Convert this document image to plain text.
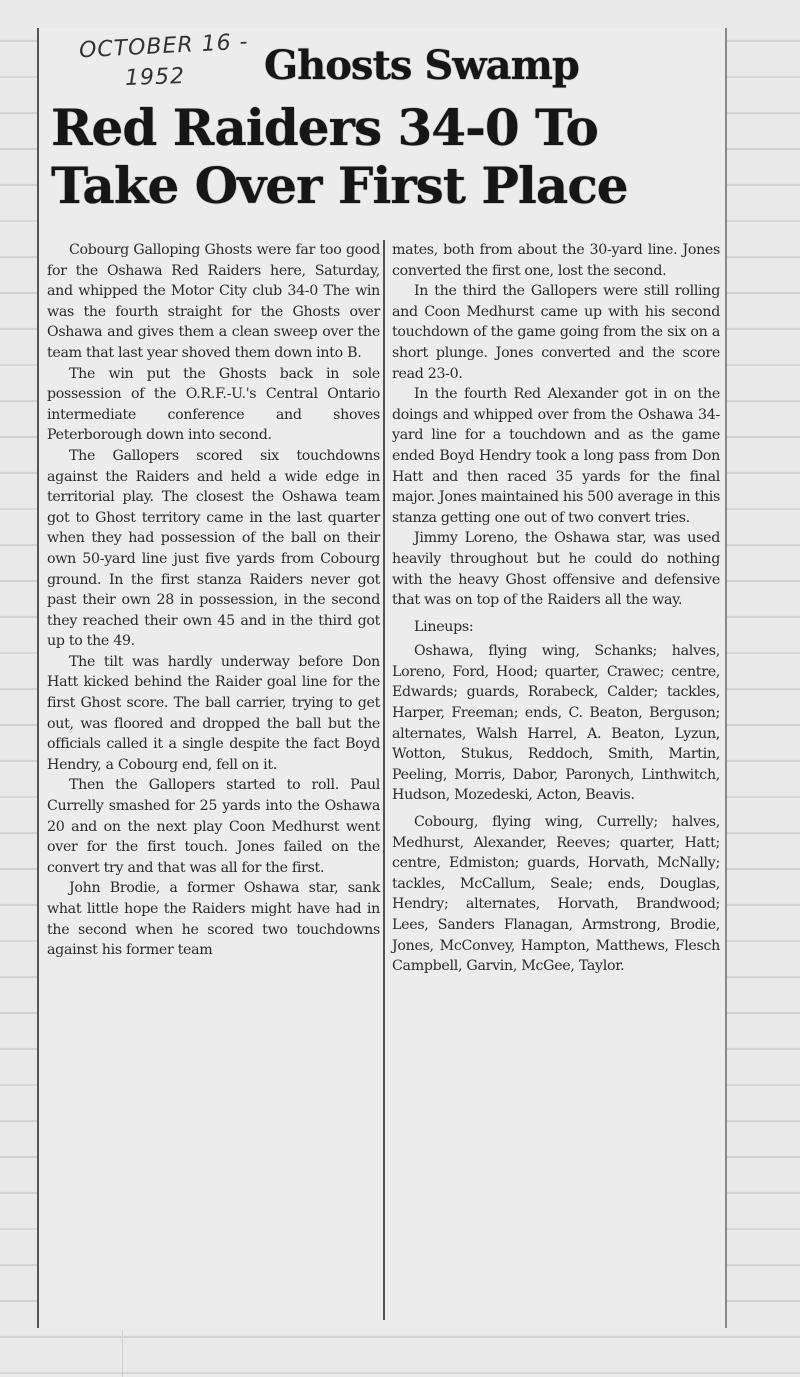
OCTOBER 16 -
1952 Ghosts Swamp
Red Raiders 34-0 To
Take Over First Place

Cobourg Galloping Ghosts were far too good for the Oshawa Red Raiders here, Saturday, and whipped the Motor City club 34-0 The win was the fourth straight for the Ghosts over Oshawa and gives them a clean sweep over the team that last year shoved them down into B.

The win put the Ghosts back in sole possession of the O.R.F.-U.'s Central Ontario intermediate conference and shoves Peterborough down into second.

The Gallopers scored six touchdowns against the Raiders and held a wide edge in territorial play. The closest the Oshawa team got to Ghost territory came in the last quarter when they had possession of the ball on their own 50-yard line just five yards from Cobourg ground. In the first stanza Raiders never got past their own 28 in possession, in the second they reached their own 45 and in the third got up to the 49.

The tilt was hardly underway before Don Hatt kicked behind the Raider goal line for the first Ghost score. The ball carrier, trying to get out, was floored and dropped the ball but the officials called it a single despite the fact Boyd Hendry, a Cobourg end, fell on it.

Then the Gallopers started to roll. Paul Currelly smashed for 25 yards into the Oshawa 20 and on the next play Coon Medhurst went over for the first touch. Jones failed on the convert try and that was all for the first.

John Brodie, a former Oshawa star, sank what little hope the Raiders might have had in the second when he scored two touchdowns against his former team

mates, both from about the 30-yard line. Jones converted the first one, lost the second.

In the third the Gallopers were still rolling and Coon Medhurst came up with his second touchdown of the game going from the six on a short plunge. Jones converted and the score read 23-0.

In the fourth Red Alexander got in on the doings and whipped over from the Oshawa 34-yard line for a touchdown and as the game ended Boyd Hendry took a long pass from Don Hatt and then raced 35 yards for the final major. Jones maintained his 500 average in this stanza getting one out of two convert tries.

Jimmy Loreno, the Oshawa star, was used heavily throughout but he could do nothing with the heavy Ghost offensive and defensive that was on top of the Raiders all the way.

Lineups:

Oshawa, flying wing, Schanks; halves, Loreno, Ford, Hood; quarter, Crawec; centre, Edwards; guards, Rorabeck, Calder; tackles, Harper, Freeman; ends, C. Beaton, Berguson; alternates, Walsh Harrel, A. Beaton, Lyzun, Wotton, Stukus, Reddoch, Smith, Martin, Peeling, Morris, Dabor, Paronych, Linthwitch, Hudson, Mozedeski, Acton, Beavis.

Cobourg, flying wing, Currelly; halves, Medhurst, Alexander, Reeves; quarter, Hatt; centre, Edmiston; guards, Horvath, McNally; tackles, McCallum, Seale; ends, Douglas, Hendry; alternates, Horvath, Brandwood; Lees, Sanders Flanagan, Armstrong, Brodie, Jones, McConvey, Hampton, Matthews, Flesch Campbell, Garvin, McGee, Taylor.
